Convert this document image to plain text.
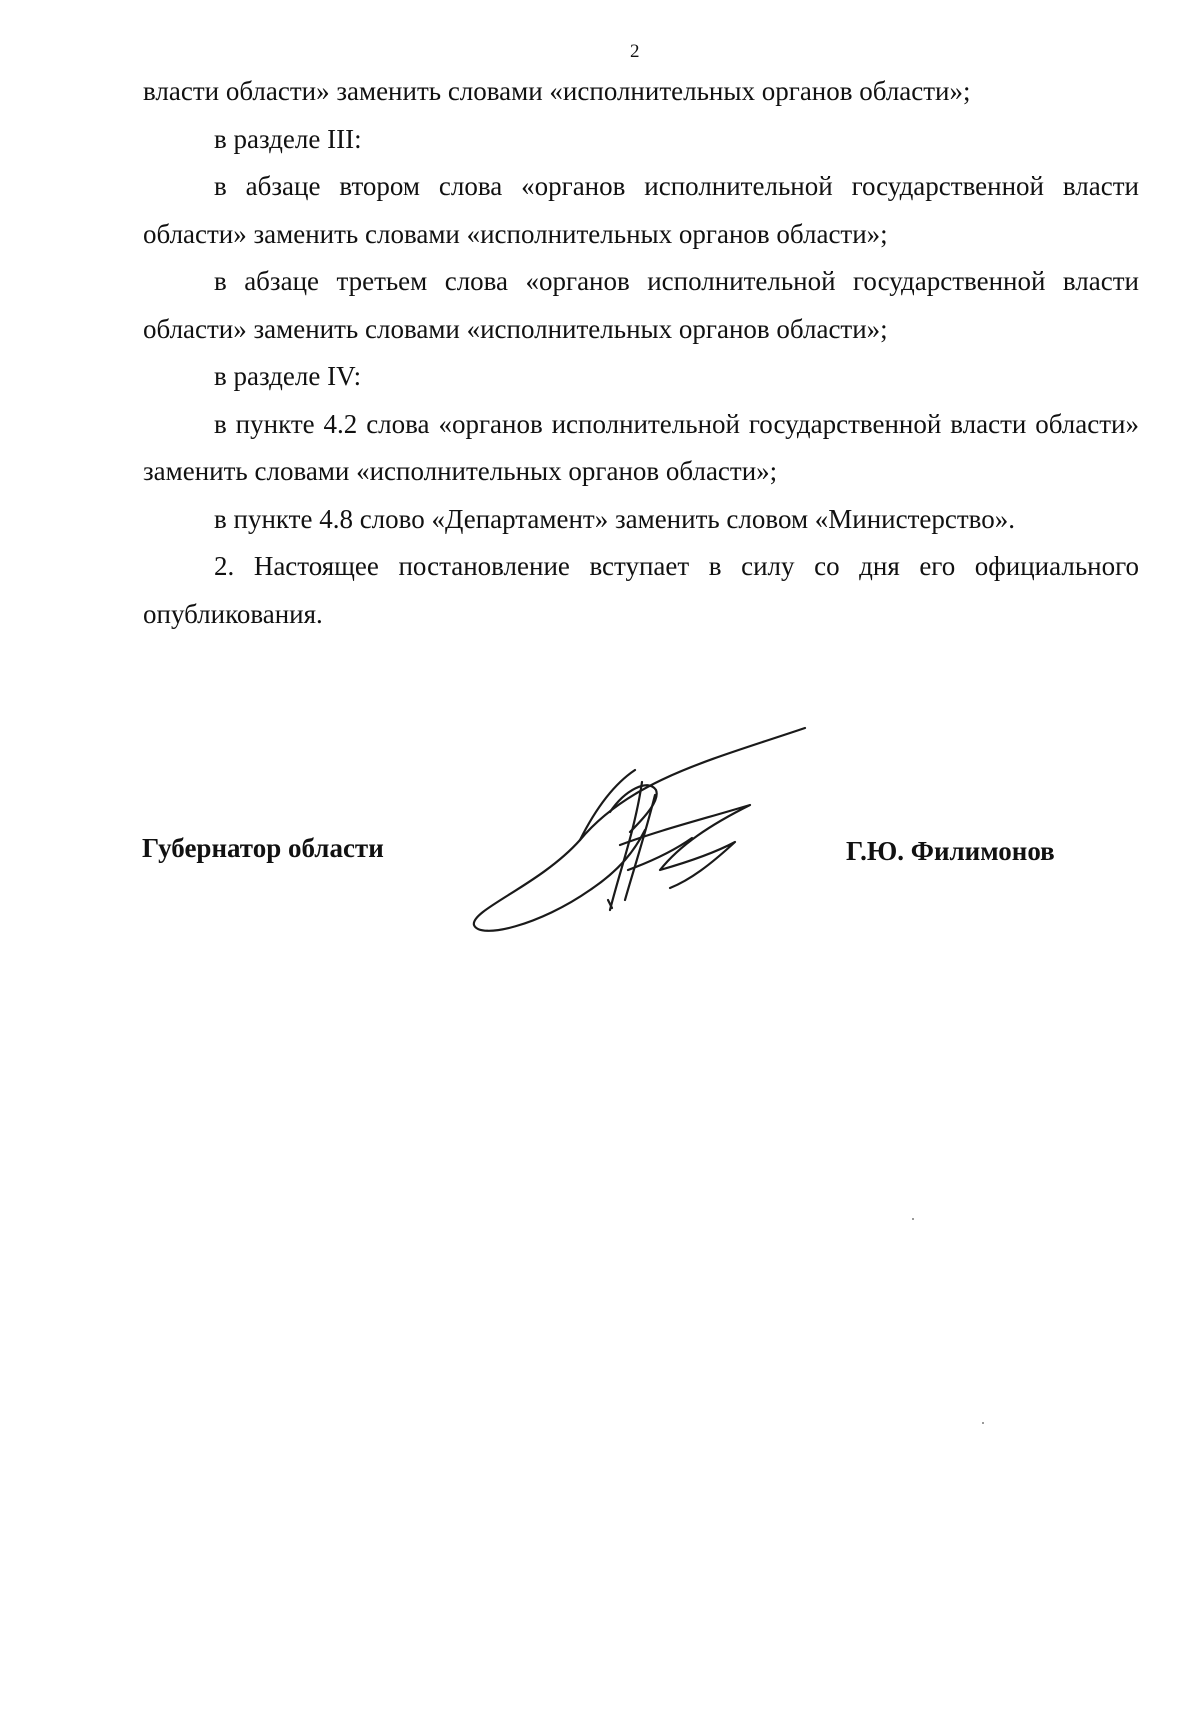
2

власти области» заменить словами «исполнительных органов области»;

в разделе III:

в абзаце втором слова «органов исполнительной государственной власти области» заменить словами «исполнительных органов области»;

в абзаце третьем слова «органов исполнительной государственной власти области» заменить словами «исполнительных органов области»;

в разделе IV:

в пункте 4.2 слова «органов исполнительной государственной власти области» заменить словами «исполнительных органов области»;

в пункте 4.8 слово «Департамент» заменить словом «Министерство».

2. Настоящее постановление вступает в силу со дня его официального опубликования.

Губернатор области	Г.Ю. Филимонов
